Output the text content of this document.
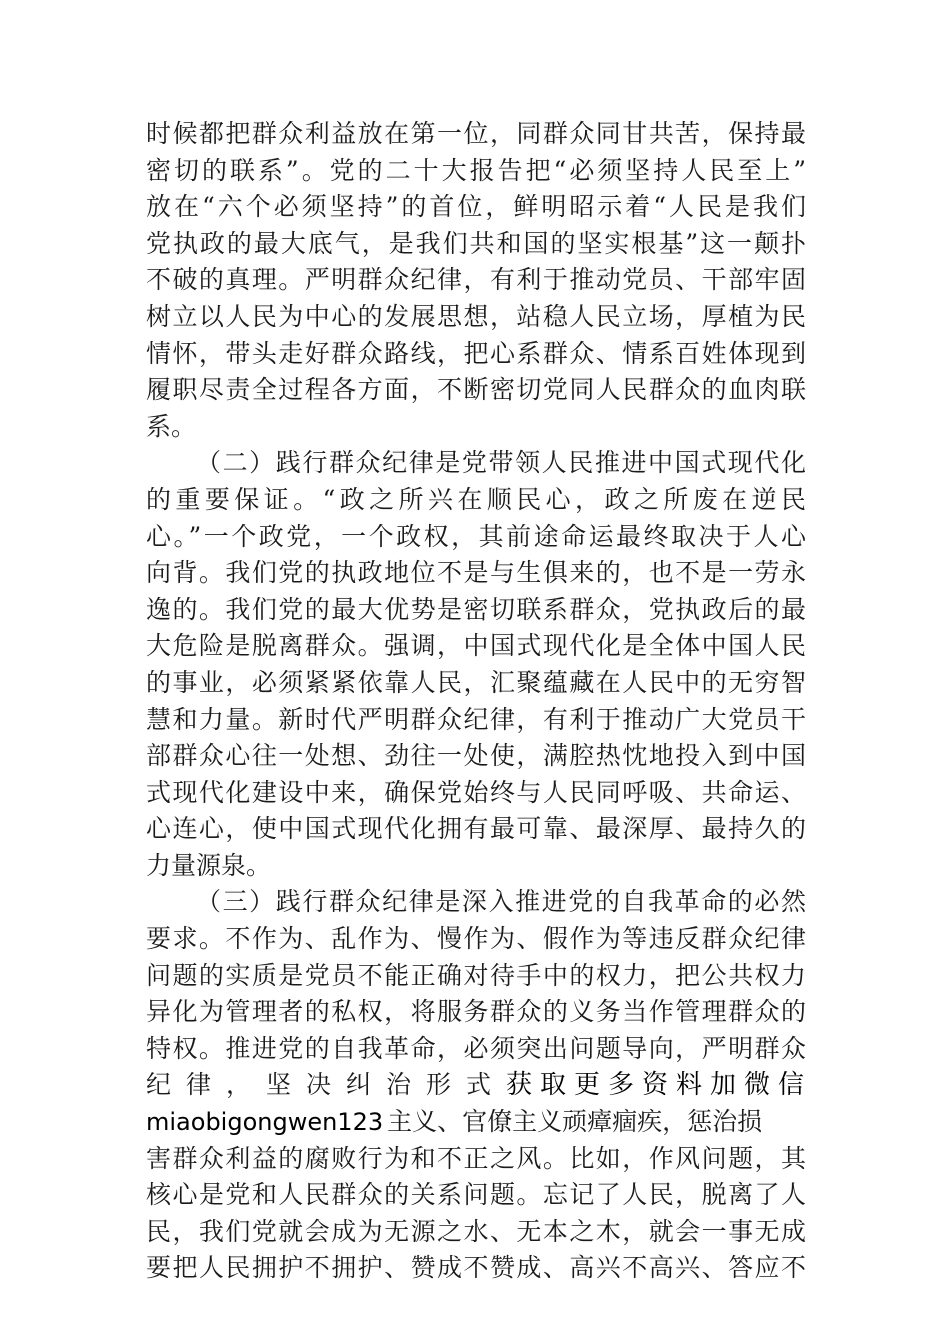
时候都把群众利益放在第一位，同群众同甘共苦，保持最
密切的联系”。党的二十大报告把“必须坚持人民至上”
放在“六个必须坚持”的首位，鲜明昭示着“人民是我们
党执政的最大底气，是我们共和国的坚实根基”这一颠扑
不破的真理。严明群众纪律，有利于推动党员、干部牢固
树立以人民为中心的发展思想，站稳人民立场，厚植为民
情怀，带头走好群众路线，把心系群众、情系百姓体现到
履职尽责全过程各方面，不断密切党同人民群众的血肉联
系。
（二）践行群众纪律是党带领人民推进中国式现代化
的重要保证。“政之所兴在顺民心，政之所废在逆民
心。”一个政党，一个政权，其前途命运最终取决于人心
向背。我们党的执政地位不是与生俱来的，也不是一劳永
逸的。我们党的最大优势是密切联系群众，党执政后的最
大危险是脱离群众。强调，中国式现代化是全体中国人民
的事业，必须紧紧依靠人民，汇聚蕴藏在人民中的无穷智
慧和力量。新时代严明群众纪律，有利于推动广大党员干
部群众心往一处想、劲往一处使，满腔热忱地投入到中国
式现代化建设中来，确保党始终与人民同呼吸、共命运、
心连心，使中国式现代化拥有最可靠、最深厚、最持久的
力量源泉。
（三）践行群众纪律是深入推进党的自我革命的必然
要求。不作为、乱作为、慢作为、假作为等违反群众纪律
问题的实质是党员不能正确对待手中的权力，把公共权力
异化为管理者的私权，将服务群众的义务当作管理群众的
特权。推进党的自我革命，必须突出问题导向，严明群众
纪律，坚决纠治形式获取更多资料加微信
miaobigongwen123 主义、官僚主义顽瘴痼疾，惩治损
害群众利益的腐败行为和不正之风。比如，作风问题，其
核心是党和人民群众的关系问题。忘记了人民，脱离了人
民，我们党就会成为无源之水、无本之木，就会一事无成
要把人民拥护不拥护、赞成不赞成、高兴不高兴、答应不
